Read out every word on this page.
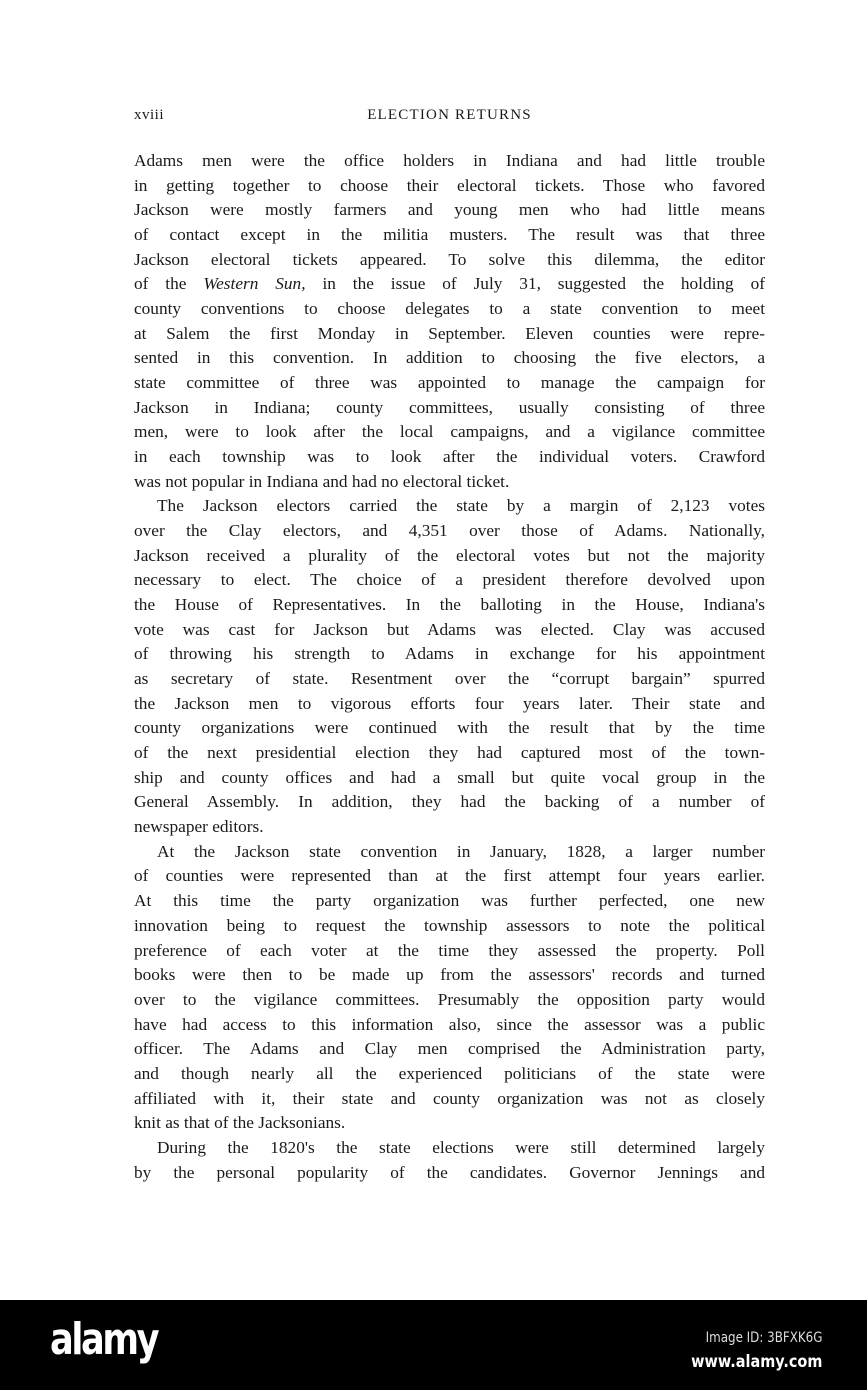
xviii	ELECTION RETURNS
Adams men were the office holders in Indiana and had little trouble
in getting together to choose their electoral tickets. Those who favored
Jackson were mostly farmers and young men who had little means
of contact except in the militia musters. The result was that three
Jackson electoral tickets appeared. To solve this dilemma, the editor
of the Western Sun, in the issue of July 31, suggested the holding of
county conventions to choose delegates to a state convention to meet
at Salem the first Monday in September. Eleven counties were repre-
sented in this convention. In addition to choosing the five electors, a
state committee of three was appointed to manage the campaign for
Jackson in Indiana; county committees, usually consisting of three
men, were to look after the local campaigns, and a vigilance committee
in each township was to look after the individual voters. Crawford
was not popular in Indiana and had no electoral ticket.
The Jackson electors carried the state by a margin of 2,123 votes
over the Clay electors, and 4,351 over those of Adams. Nationally,
Jackson received a plurality of the electoral votes but not the majority
necessary to elect. The choice of a president therefore devolved upon
the House of Representatives. In the balloting in the House, Indiana's
vote was cast for Jackson but Adams was elected. Clay was accused
of throwing his strength to Adams in exchange for his appointment
as secretary of state. Resentment over the “corrupt bargain” spurred
the Jackson men to vigorous efforts four years later. Their state and
county organizations were continued with the result that by the time
of the next presidential election they had captured most of the town-
ship and county offices and had a small but quite vocal group in the
General Assembly. In addition, they had the backing of a number of
newspaper editors.
At the Jackson state convention in January, 1828, a larger number
of counties were represented than at the first attempt four years earlier.
At this time the party organization was further perfected, one new
innovation being to request the township assessors to note the political
preference of each voter at the time they assessed the property. Poll
books were then to be made up from the assessors' records and turned
over to the vigilance committees. Presumably the opposition party would
have had access to this information also, since the assessor was a public
officer. The Adams and Clay men comprised the Administration party,
and though nearly all the experienced politicians of the state were
affiliated with it, their state and county organization was not as closely
knit as that of the Jacksonians.
During the 1820's the state elections were still determined largely
by the personal popularity of the candidates. Governor Jennings and
alamy	Image ID: 3BFXK6G
www.alamy.com
